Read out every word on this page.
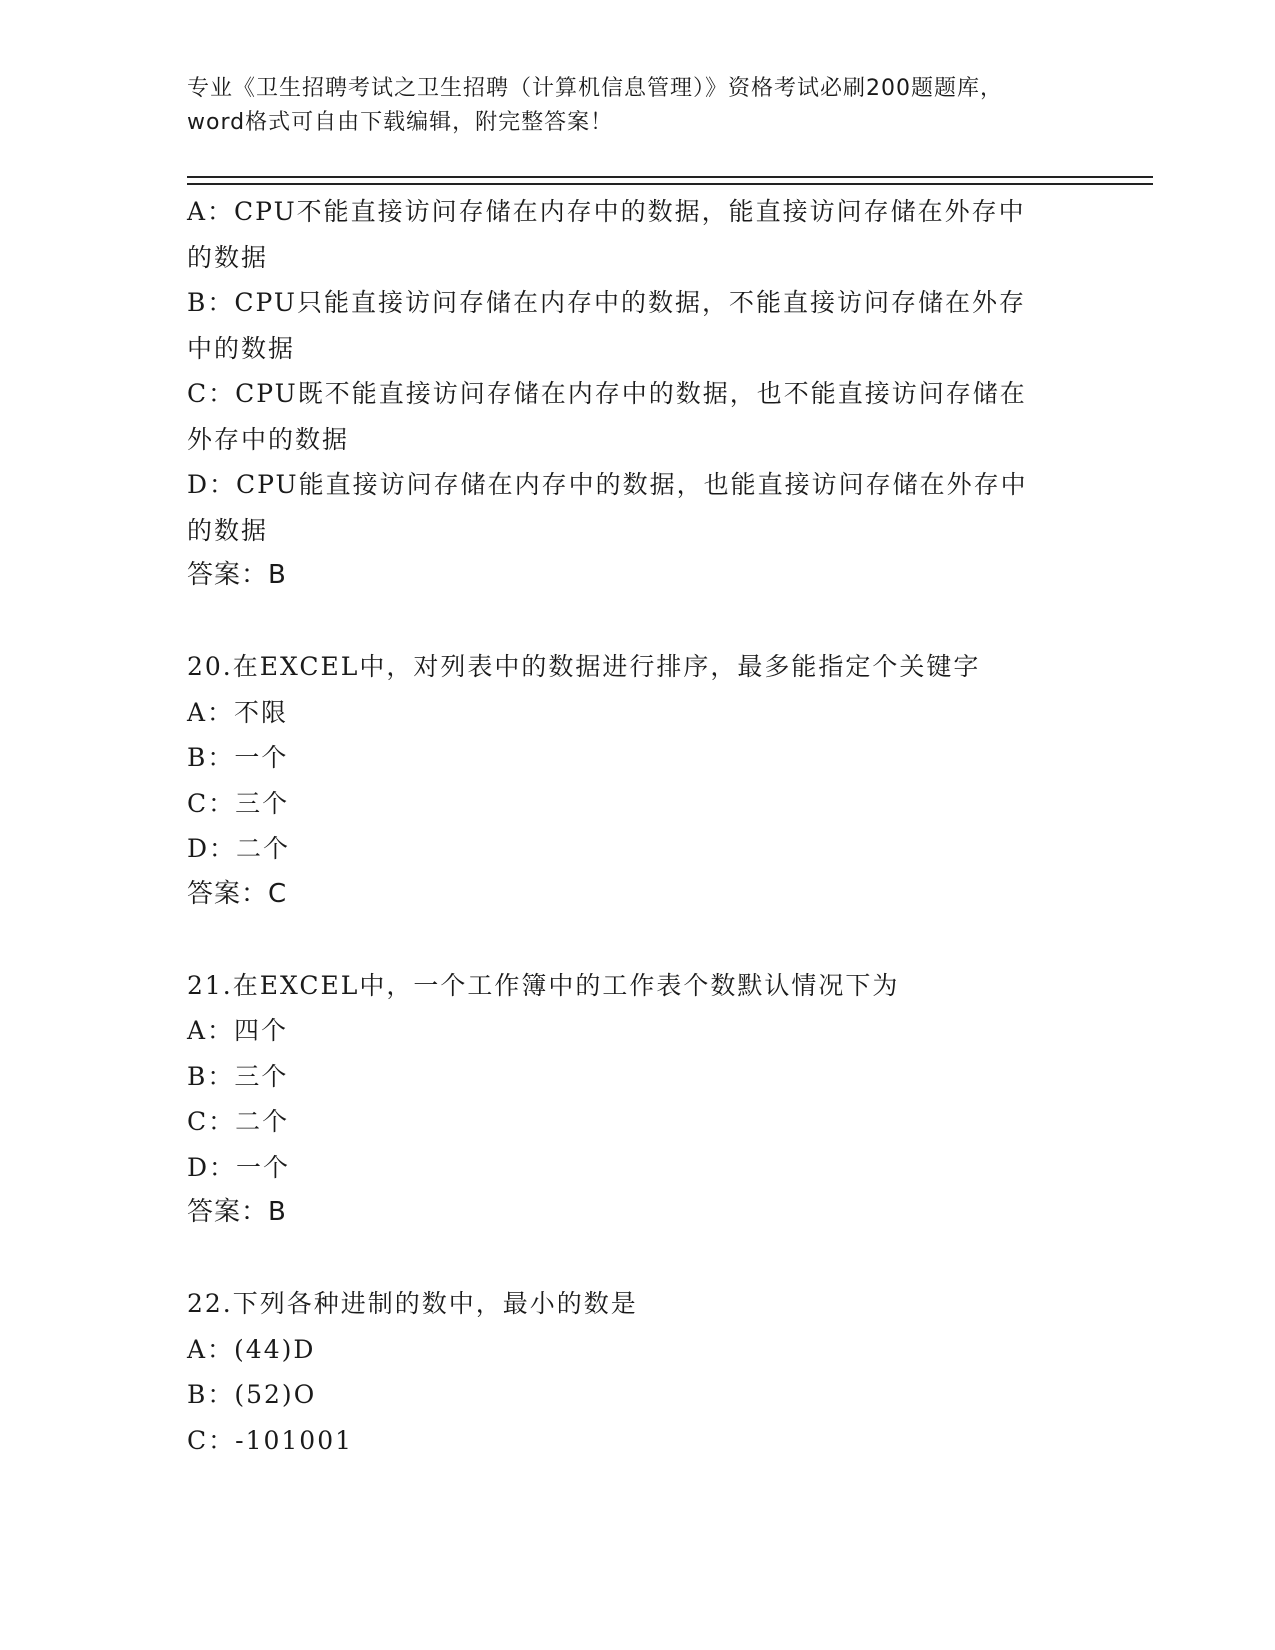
专业《卫生招聘考试之卫生招聘（计算机信息管理）》资格考试必刷200题题库，

word格式可自由下载编辑，附完整答案！

A：CPU不能直接访问存储在内存中的数据，能直接访问存储在外存中

的数据

B：CPU只能直接访问存储在内存中的数据，不能直接访问存储在外存

中的数据

C：CPU既不能直接访问存储在内存中的数据，也不能直接访问存储在

外存中的数据

D：CPU能直接访问存储在内存中的数据，也能直接访问存储在外存中

的数据

答案：B

20.在EXCEL中，对列表中的数据进行排序，最多能指定个关键字

A：不限

B：一个

C：三个

D：二个

答案：C

21.在EXCEL中，一个工作簿中的工作表个数默认情况下为

A：四个

B：三个

C：二个

D：一个

答案：B

22.下列各种进制的数中，最小的数是

A：(44)D

B：(52)O

C：-101001
